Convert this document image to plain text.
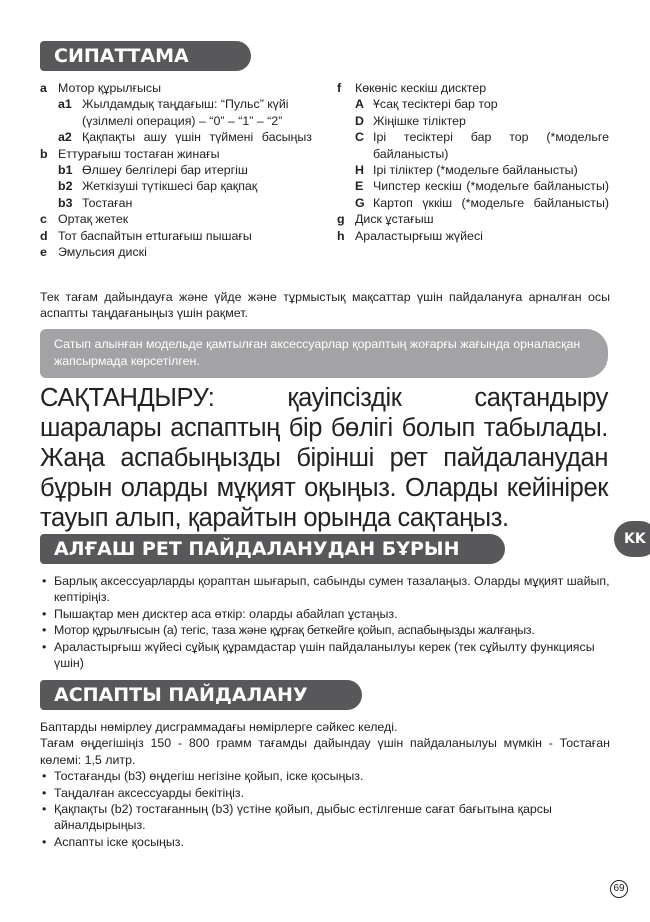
СИПАТТАМА
a Мотор құрылғысы
a1 Жылдамдық таңдағыш: “Пульс” күйі (үзілмелі операция) – “0” – “1” – “2”
a2 Қақпақты ашу үшін түймені басыңыз
b Еттурағыш тостаған жинағы
b1 Өлшеу белгілері бар итергіш
b2 Жеткізуші түтікшесі бар қақпақ
b3 Тостаған
c Ортақ жетек
d Тот баспайтын етturағыш пышағы
e Эмульсия дискі
f	Көкөніс кескіш дисктер
A Ұсақ тесіктері бар тор
D Жіңішке тіліктер
C Ірі тесіктері бар тор (*модельге байланысты)
H Ірі тіліктер (*модельге байланысты)
E Чипстер кескіш (*модельге байланысты)
G Картоп үккіш (*модельге байланысты)
g Диск ұстағыш
h Араластырғыш жүйесі
Тек тағам дайындауға және үйде және тұрмыстық мақсаттар үшін пайдалануға арналған осы аспапты таңдағаныңыз үшін рақмет.
Сатып алынған модельде қамтылған аксессуарлар қораптың жоғарғы жағында орналасқан жапсырмада көрсетілген.
САҚТАНДЫРУ: қауіпсіздік сақтандыру
шаралары аспаптың бір бөлігі болып табылады.
Жаңа аспабыңызды бірінші рет пайдаланудан
бұрын оларды мұқият оқыңыз. Оларды кейінірек
тауып алып, қарайтын орында сақтаңыз.
KK
АЛҒАШ РЕТ ПАЙДАЛАНУДАН БҰРЫН
• Барлық аксессуарларды қораптан шығарып, сабынды сумен тазалаңыз. Оларды мұқият шайып, кептіріңіз.
• Пышақтар мен дисктер аса өткір: оларды абайлап ұстаңыз.
• Мотор құрылғысын (a) тегіс, таза және құрғақ беткейге қойып, аспабыңызды жалғаңыз.
• Араластырғыш жүйесі сұйық құрамдастар үшін пайдаланылуы керек (тек сұйылту функциясы үшін)
АСПАПТЫ ПАЙДАЛАНУ
Баптарды нөмірлеу дисграммадағы нөмірлерге сәйкес келеді.
Тағам өңдегішіңіз 150 - 800 грамм тағамды дайындау үшін пайдаланылуы мүмкін - Тостаған көлемі: 1,5 литр.
• Тостағанды (b3) өңдегіш негізіне қойып, іске қосыңыз.
• Таңдалған аксессуарды бекітіңіз.
• Қақпақты (b2) тостағанның (b3) үстіне қойып, дыбыс естілгенше сағат бағытына қарсы айналдырыңыз.
• Аспапты іске қосыңыз.
69
